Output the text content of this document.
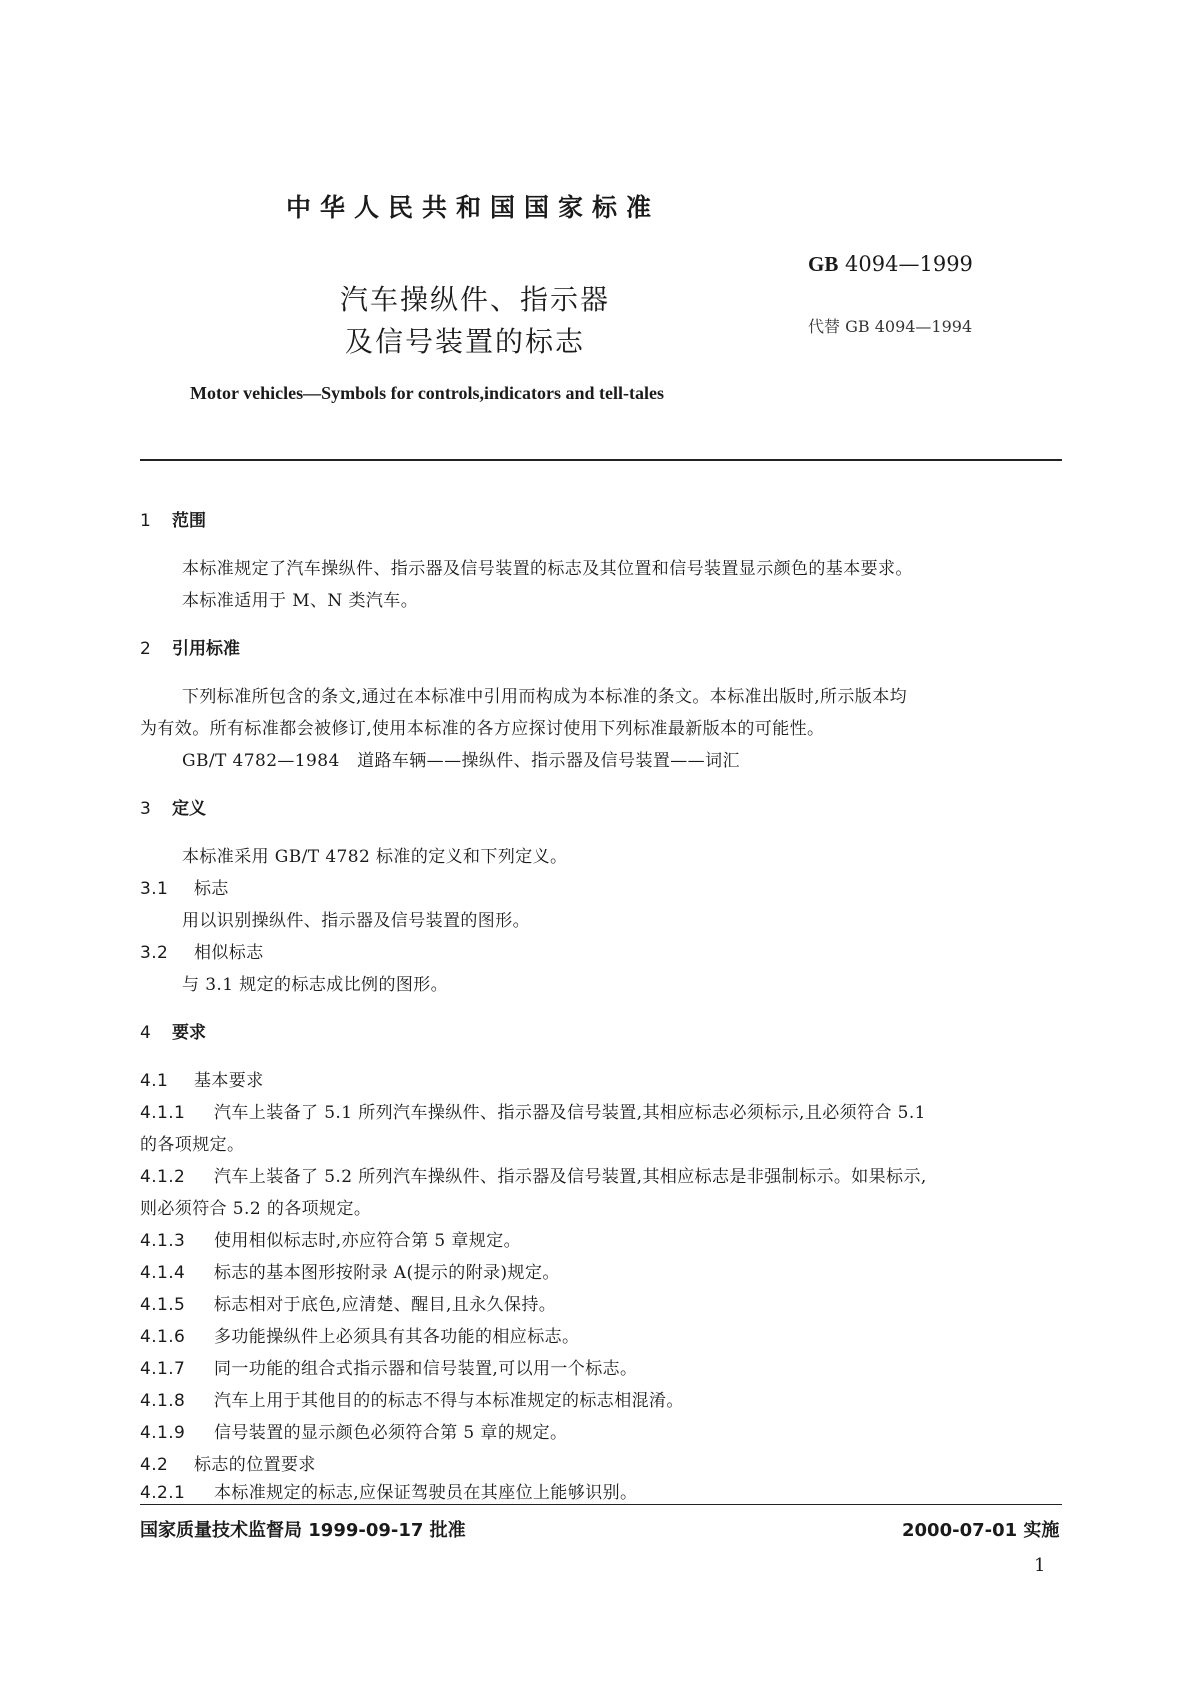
中华人民共和国国家标准
汽车操纵件、指示器
及信号装置的标志
GB 4094—1999
代替 GB 4094—1994
Motor vehicles—Symbols for controls,indicators and tell-tales
1 范围
本标准规定了汽车操纵件、指示器及信号装置的标志及其位置和信号装置显示颜色的基本要求。
本标准适用于 M、N 类汽车。
2 引用标准
下列标准所包含的条文,通过在本标准中引用而构成为本标准的条文。本标准出版时,所示版本均
为有效。所有标准都会被修订,使用本标准的各方应探讨使用下列标准最新版本的可能性。
GB/T 4782—1984　道路车辆——操纵件、指示器及信号装置——词汇
3 定义
本标准采用 GB/T 4782 标准的定义和下列定义。
3.1 标志
用以识别操纵件、指示器及信号装置的图形。
3.2 相似标志
与 3.1 规定的标志成比例的图形。
4 要求
4.1 基本要求
4.1.1 汽车上装备了 5.1 所列汽车操纵件、指示器及信号装置,其相应标志必须标示,且必须符合 5.1
的各项规定。
4.1.2 汽车上装备了 5.2 所列汽车操纵件、指示器及信号装置,其相应标志是非强制标示。如果标示,
则必须符合 5.2 的各项规定。
4.1.3 使用相似标志时,亦应符合第 5 章规定。
4.1.4 标志的基本图形按附录 A(提示的附录)规定。
4.1.5 标志相对于底色,应清楚、醒目,且永久保持。
4.1.6 多功能操纵件上必须具有其各功能的相应标志。
4.1.7 同一功能的组合式指示器和信号装置,可以用一个标志。
4.1.8 汽车上用于其他目的的标志不得与本标准规定的标志相混淆。
4.1.9 信号装置的显示颜色必须符合第 5 章的规定。
4.2 标志的位置要求
4.2.1 本标准规定的标志,应保证驾驶员在其座位上能够识别。
国家质量技术监督局 1999-09-17 批准	2000-07-01 实施
1
